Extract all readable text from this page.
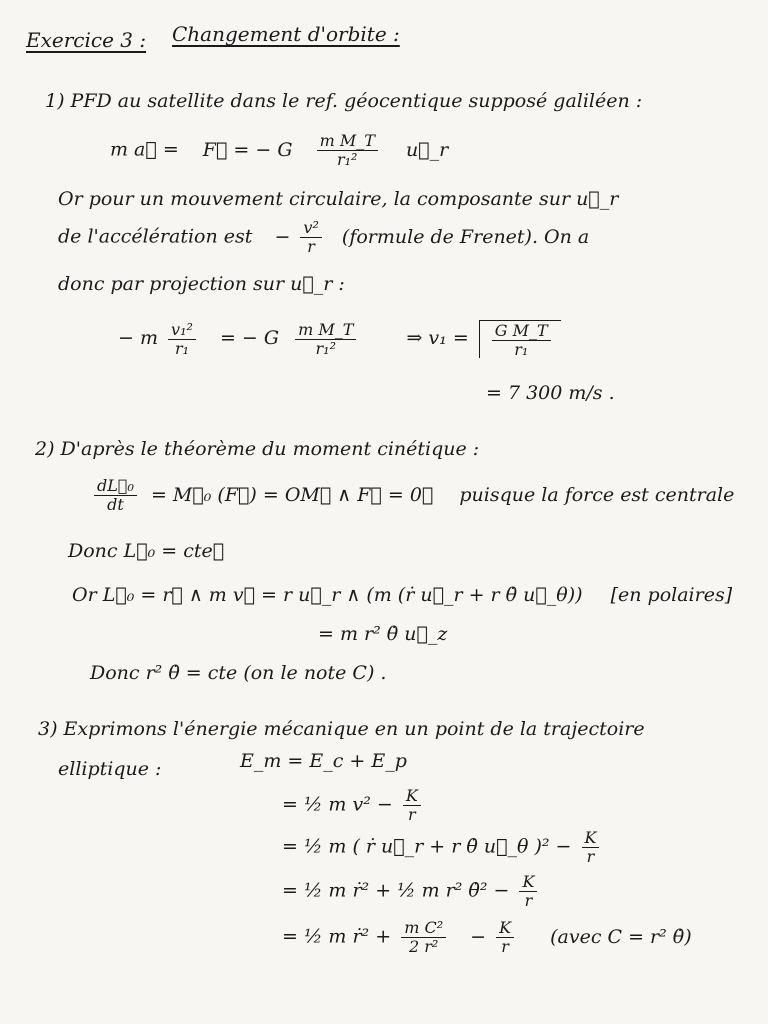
Exercice 3 : Changement d'orbite :
1) PFD au satellite dans le ref. géocentique supposé galiléen :
m a⃗ = F⃗ = − G $\frac{\text{m M\_T}}{\text{r₁²}}$ u⃗_r
Or pour un mouvement circulaire, la composante sur u⃗_r
de l'accélération est − $\frac{\text{v²}}{r}$ (formule de Frenet). On a
donc par projection sur u⃗_r :
− m $\frac{\text{v₁²}}{\text{r₁}}$ = − G $\frac{\text{m M\_T}}{\text{r₁²}}$	⇒ $v_1 = \frac{\text{G M\_T}}{\text{r₁}}$
= 7 300 m/s .
2) D'après le théorème du moment cinétique :
$\frac{\text{dL⃗₀}}{dt}$ = M⃗₀ (F⃗) = OM⃗ ∧ F⃗ = 0⃗ puisque la force est centrale
Donc L⃗₀ = cte⃗
Or L⃗₀ = r⃗ ∧ m v⃗ = r u⃗_r ∧ (m (ṙ u⃗_r + r θ̇ u⃗_θ)) [en polaires]
= m r² θ̇ u⃗_z
Donc r² θ̇ = cte (on le note C) .
3) Exprimons l'énergie mécanique en un point de la trajectoire
elliptique :	E_m = E_c + E_p
= ½ m $v^2 - \frac{K}{r}$
= ½ m ( ṙ u⃗_r + r θ̇ u⃗_θ )$^2 - \frac{K}{r}$
= ½ m ṙ² + ½ m r² θ̇² − $\frac{K}{r}$
= ½ m ṙ² + $\frac{\text{m C²}}{\text{2 r²}} - \frac{K}{r}$ (avec C = r² θ̇)
